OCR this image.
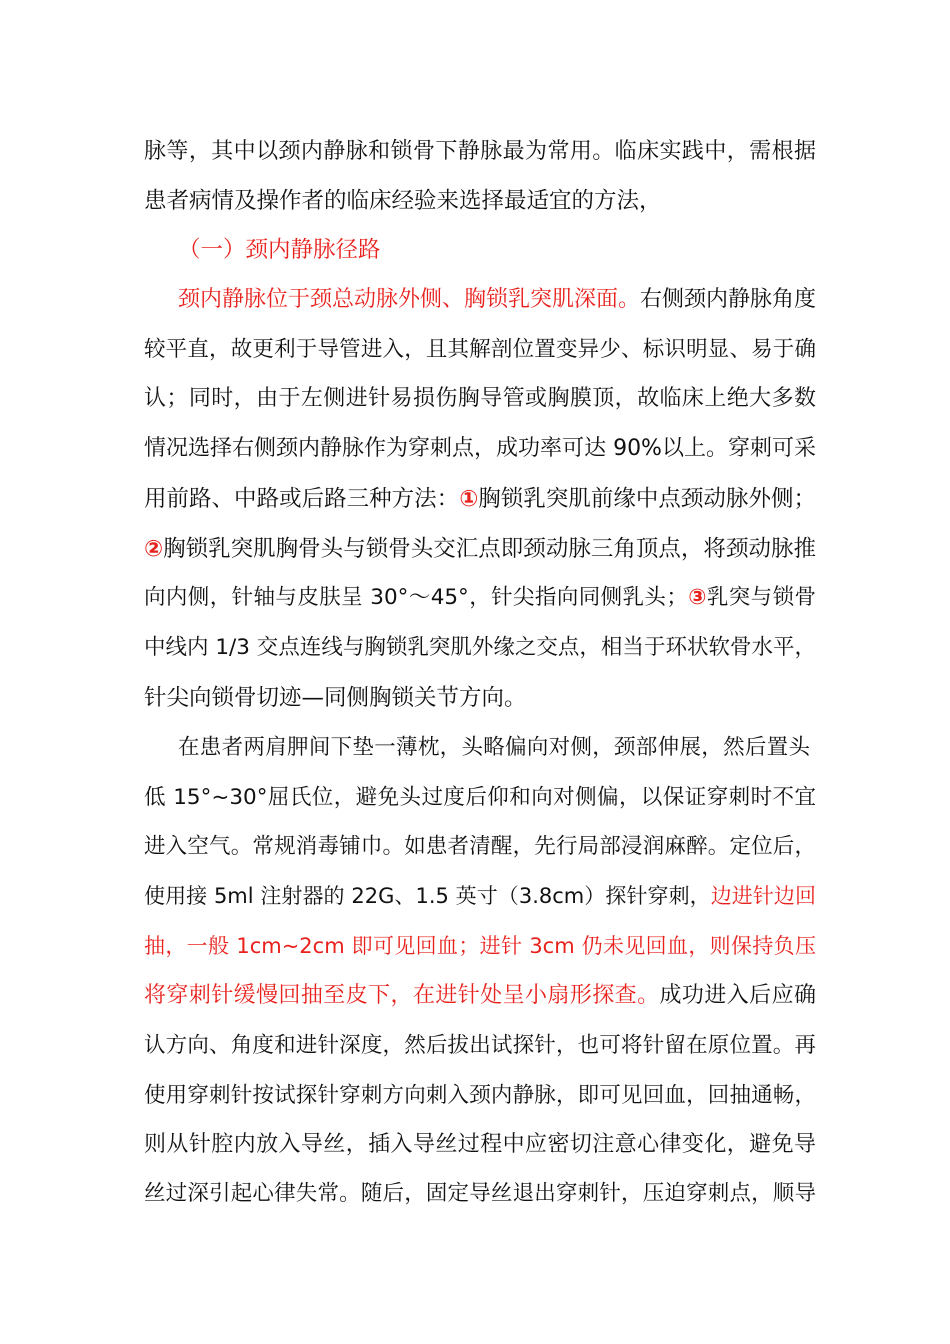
脉等，其中以颈内静脉和锁骨下静脉最为常用。临床实践中，需根据
患者病情及操作者的临床经验来选择最适宜的方法，
（一）颈内静脉径路
颈内静脉位于颈总动脉外侧、胸锁乳突肌深面。右侧颈内静脉角度
较平直，故更利于导管进入，且其解剖位置变异少、标识明显、易于确
认；同时，由于左侧进针易损伤胸导管或胸膜顶，故临床上绝大多数
情况选择右侧颈内静脉作为穿刺点，成功率可达 90%以上。穿刺可采
用前路、中路或后路三种方法：①胸锁乳突肌前缘中点颈动脉外侧；
②胸锁乳突肌胸骨头与锁骨头交汇点即颈动脉三角顶点，将颈动脉推
向内侧，针轴与皮肤呈 30°～45°，针尖指向同侧乳头；③乳突与锁骨
中线内 1/3 交点连线与胸锁乳突肌外缘之交点，相当于环状软骨水平，
针尖向锁骨切迹—同侧胸锁关节方向。
在患者两肩胛间下垫一薄枕，头略偏向对侧，颈部伸展，然后置头
低 15°~30°屈氏位，避免头过度后仰和向对侧偏，以保证穿刺时不宜
进入空气。常规消毒铺巾。如患者清醒，先行局部浸润麻醉。定位后，
使用接 5ml 注射器的 22G、1.5 英寸（3.8cm）探针穿刺，边进针边回
抽，一般 1cm~2cm 即可见回血；进针 3cm 仍未见回血，则保持负压
将穿刺针缓慢回抽至皮下，在进针处呈小扇形探查。成功进入后应确
认方向、角度和进针深度，然后拔出试探针，也可将针留在原位置。再
使用穿刺针按试探针穿刺方向刺入颈内静脉，即可见回血，回抽通畅，
则从针腔内放入导丝，插入导丝过程中应密切注意心律变化，避免导
丝过深引起心律失常。随后，固定导丝退出穿刺针，压迫穿刺点，顺导
